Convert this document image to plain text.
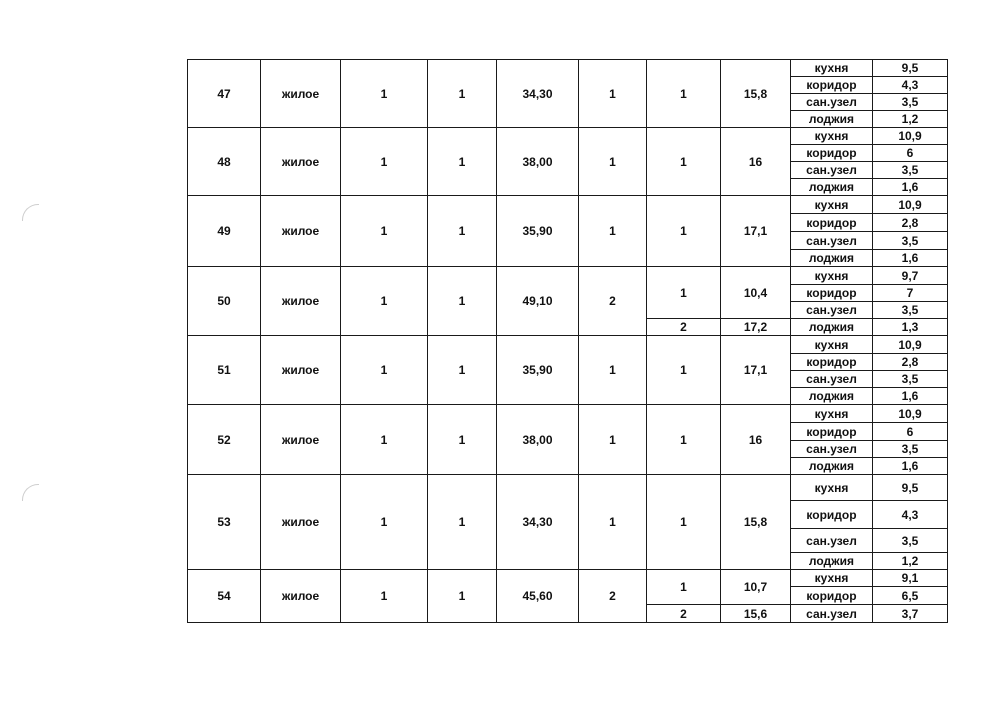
47	жилое	1	1	34,30	1	1	15,8	кухня	9,5
								коридор	4,3
								сан.узел	3,5
								лоджия	1,2
48	жилое	1	1	38,00	1	1	16	кухня	10,9
								коридор	6
								сан.узел	3,5
								лоджия	1,6
49	жилое	1	1	35,90	1	1	17,1	кухня	10,9
								коридор	2,8
								сан.узел	3,5
								лоджия	1,6
50	жилое	1	1	49,10	2	1	10,4	кухня	9,7
								коридор	7
								сан.узел	3,5
						2	17,2	лоджия	1,3
51	жилое	1	1	35,90	1	1	17,1	кухня	10,9
								коридор	2,8
								сан.узел	3,5
								лоджия	1,6
52	жилое	1	1	38,00	1	1	16	кухня	10,9
								коридор	6
								сан.узел	3,5
								лоджия	1,6
53	жилое	1	1	34,30	1	1	15,8	кухня	9,5
								коридор	4,3
								сан.узел	3,5
								лоджия	1,2
54	жилое	1	1	45,60	2	1	10,7	кухня	9,1
								коридор	6,5
						2	15,6	сан.узел	3,7
